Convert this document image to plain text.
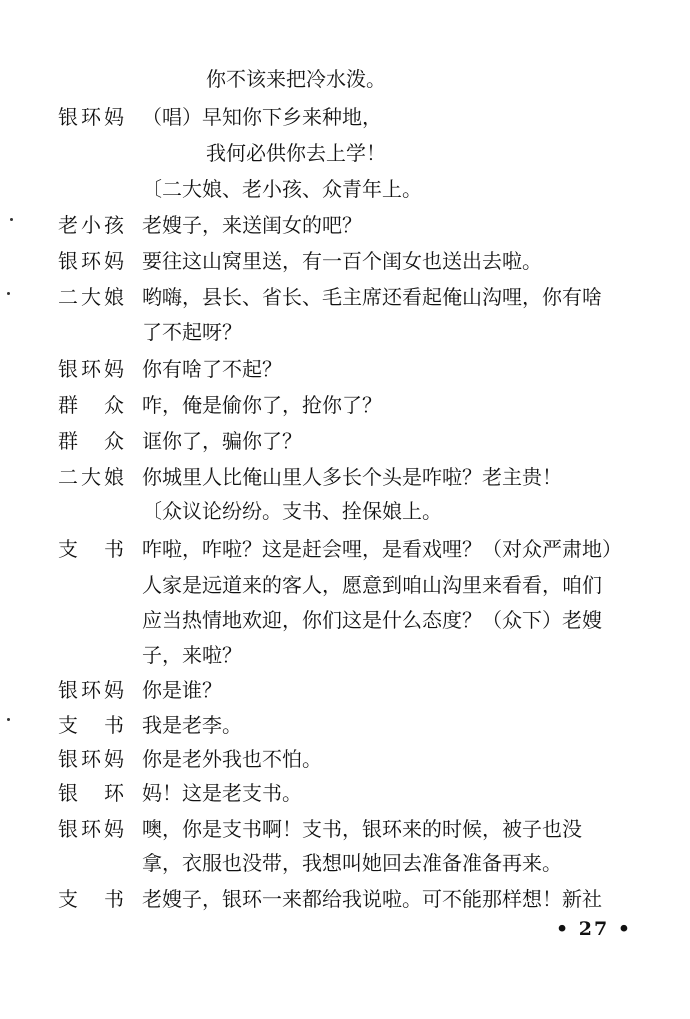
你不该来把冷水泼。
银环妈 （唱）早知你下乡来种地，
我何必供你去上学！
〔二大娘、老小孩、众青年上。
老小孩 老嫂子，来送闺女的吧？
银环妈 要往这山窝里送，有一百个闺女也送出去啦。
二大娘 哟嗨，县长、省长、毛主席还看起俺山沟哩，你有啥
了不起呀？
银环妈 你有啥了不起？
群众 咋，俺是偷你了，抢你了？
群众 诓你了，骗你了？
二大娘 你城里人比俺山里人多长个头是咋啦？老主贵！
〔众议论纷纷。支书、拴保娘上。
支书 咋啦，咋啦？这是赶会哩，是看戏哩？（对众严肃地）
人家是远道来的客人，愿意到咱山沟里来看看，咱们
应当热情地欢迎，你们这是什么态度？（众下）老嫂
子，来啦？
银环妈 你是谁？
支书 我是老李。
银环妈 你是老外我也不怕。
银环 妈！这是老支书。
银环妈 噢，你是支书啊！支书，银环来的时候，被子也没
拿，衣服也没带，我想叫她回去准备准备再来。
支书 老嫂子，银环一来都给我说啦。可不能那样想！新社
• 27 •
